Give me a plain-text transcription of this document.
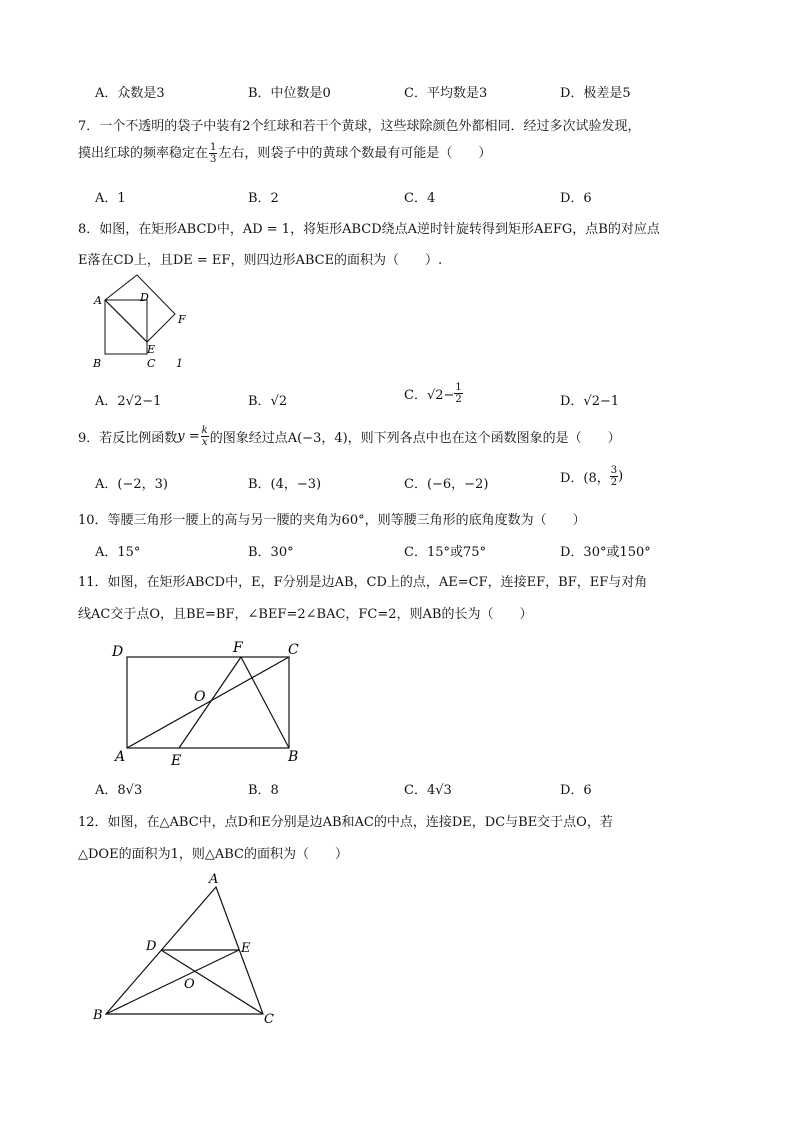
A．众数是3	B．中位数是0	C．平均数是3	D．极差是5
7．一个不透明的袋子中装有2个红球和若干个黄球，这些球除颜色外都相同．经过多次试验发现，
摸出红球的频率稳定在 $\frac{1}{3}$ 左右，则袋子中的黄球个数最有可能是（　　）
A．1	B．2	C．4	D．6
8．如图，在矩形ABCD中，AD = 1，将矩形ABCD绕点A逆时针旋转得到矩形AEFG，点B的对应点
E落在CD上，且DE = EF，则四边形ABCE的面积为（　　）.
A	D
F
E
B	C 1
A．2√2−1	B．√2	C．$√2- \frac{1}{2}$	D．√2−1
9．若反比例函数$y = \frac{k}{x}$ 的图象经过点A(−3，4)，则下列各点中也在这个函数图象的是（　　）
A．(−2，3)	B．(4，−3)	C．(−6，−2)	D．(8， $\frac{3}{2}$ )
10．等腰三角形一腰上的高与另一腰的夹角为60°，则等腰三角形的底角度数为（　　）
A．15°	B．30°	C．15°或75°	D．30°或150°
11．如图，在矩形ABCD中，E，F分别是边AB，CD上的点，AE=CF，连接EF，BF，EF与对角
线AC交于点O，且BE=BF，∠BEF=2∠BAC，FC=2，则AB的长为（　　）
D	F	C
O
A	E	B
A．8√3	B．8	C．4√3	D．6
12．如图，在△ABC中，点D和E分别是边AB和AC的中点，连接DE，DC与BE交于点O，若
△DOE的面积为1，则△ABC的面积为（　　）
A
D	E
O
B	C
